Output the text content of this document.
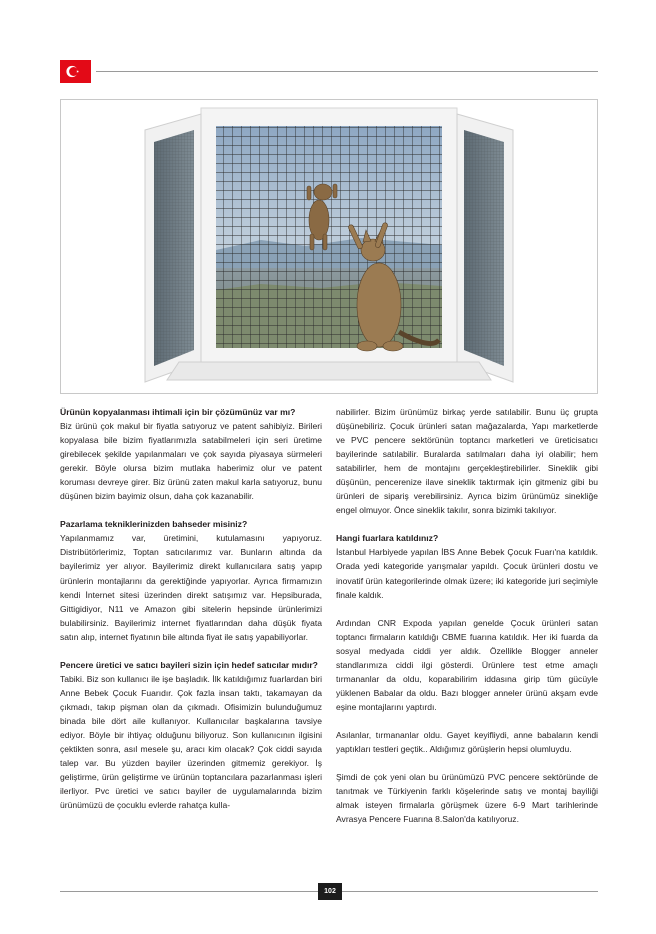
Ürünün kopyalanması ihtimali için bir çözümünüz var mı?

Biz ürünü çok makul bir fiyatla satıyoruz ve patent sahibiyiz. Birileri kopyalasa bile bizim fiyatlarımızla satabilmeleri için seri üretime girebilecek şekilde yapılanmaları ve çok sayıda piyasaya sürmeleri gerekir. Böyle olursa bizim mutlaka haberimiz olur ve patent koruması devreye girer. Biz ürünü zaten makul karla satıyoruz, bunu düşünen bizim bayimiz olsun, daha çok kazanabilir.

Pazarlama tekniklerinizden bahseder misiniz?

Yapılanmamız var, üretimini, kutulamasını yapıyoruz. Distribütörlerimiz, Toptan satıcılarımız var. Bunların altında da bayilerimiz yer alıyor. Bayilerimiz direkt kullanıcılara satış yapıp ürünlerin montajlarını da gerektiğinde yapıyorlar. Ayrıca firmamızın kendi İnternet sitesi üzerinden direkt satışımız var. Hepsiburada, Gittigidiyor, N11 ve Amazon gibi sitelerin hepsinde ürünlerimizi bulabilirsiniz. Bayilerimiz internet fiyatlarından daha düşük fiyata satın alıp, internet fiyatının bile altında fiyat ile satış yapabiliyorlar.

Pencere üretici ve satıcı bayileri sizin için hedef satıcılar mıdır?

Tabiki. Biz son kullanıcı ile işe başladık. İlk katıldığımız fuarlardan biri Anne Bebek Çocuk Fuarıdır. Çok fazla insan taktı, takamayan da çıkmadı, takıp pişman olan da çıkmadı. Ofisimizin bulunduğumuz binada bile dört aile kullanıyor. Kullanıcılar başkalarına tavsiye ediyor. Böyle bir ihtiyaç olduğunu biliyoruz. Son kullanıcının ilgisini çektikten sonra, asıl mesele şu, aracı kim olacak? Çok ciddi sayıda talep var. Bu yüzden bayiler üzerinden gitmemiz gerekiyor. İş geliştirme, ürün geliştirme ve ürünün toptancılara pazarlanması işleri ilerliyor. Pvc üretici ve satıcı bayiler de uygulamalarında bizim ürünümüzü de çocuklu evlerde rahatça kulla-

nabilirler. Bizim ürünümüz birkaç yerde satılabilir. Bunu üç grupta düşünebiliriz. Çocuk ürünleri satan mağazalarda, Yapı marketlerde ve PVC pencere sektörünün toptancı marketleri ve üreticisatıcı bayilerinde satılabilir. Buralarda satılmaları daha iyi olabilir; hem satabilirler, hem de montajını gerçekleştirebilirler. Sineklik gibi düşünün, pencerenize ilave sineklik taktırmak için gitmeniz gibi bu ürünleri de sipariş verebilirsiniz. Ayrıca bizim ürünümüz sinekliğe engel olmuyor. Önce sineklik takılır, sonra bizimki takılıyor.

Hangi fuarlara katıldınız?

İstanbul Harbiyede yapılan İBS Anne Bebek Çocuk Fuarı'na katıldık. Orada yedi kategoride yarışmalar yapıldı. Çocuk ürünleri dostu ve inovatif ürün kategorilerinde olmak üzere; iki kategoride juri seçimiyle finale kaldık.

Ardından CNR Expoda yapılan genelde Çocuk ürünleri satan toptancı firmaların katıldığı CBME fuarına katıldık. Her iki fuarda da sosyal medyada ciddi yer aldık. Özellikle Blogger anneler standlarımıza ciddi ilgi gösterdi. Ürünlere test etme amaçlı tırmananlar da oldu, koparabilirim iddasına girip tüm gücüyle yüklenen Babalar da oldu. Bazı blogger anneler ürünü akşam evde eşine montajlarını yaptırdı.

Asılanlar, tırmananlar oldu. Gayet keyifliydi, anne babaların kendi yaptıkları testleri geçtik.. Aldığımız görüşlerin hepsi olumluydu.

Şimdi de çok yeni olan bu ürünümüzü PVC pencere sektöründe de tanıtmak ve Türkiyenin farklı köşelerinde satış ve montaj bayiliği almak isteyen firmalarla görüşmek üzere 6-9 Mart tarihlerinde Avrasya Pencere Fuarına 8.Salon'da katılıyoruz.

102
